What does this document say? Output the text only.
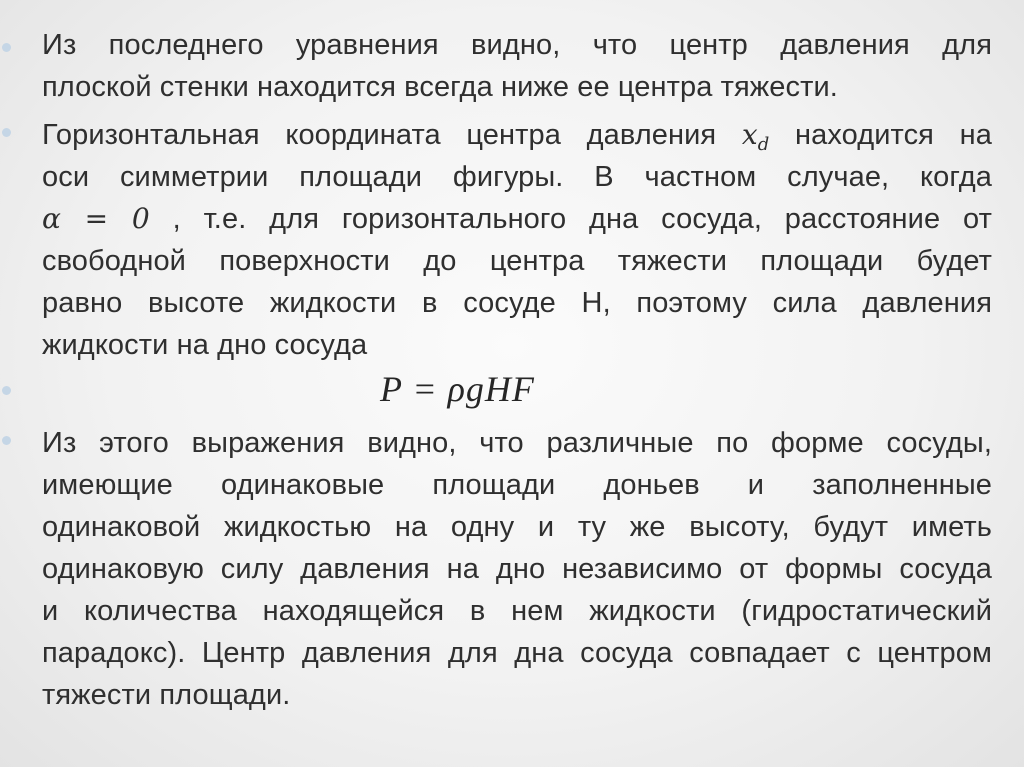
Из последнего уравнения видно, что центр давления для
плоской стенки находится всегда ниже ее центра тяжести.
Горизонтальная координата центра давления $x_d$ находится на
оси симметрии площади фигуры. В частном случае, когда
α = 0 , т.е. для горизонтального дна сосуда, расстояние от
свободной поверхности до центра тяжести площади будет
равно высоте жидкости в сосуде H, поэтому сила давления
жидкости на дно сосуда
P = ρgHF
Из этого выражения видно, что различные по форме сосуды,
имеющие одинаковые площади доньев и заполненные
одинаковой жидкостью на одну и ту же высоту, будут иметь
одинаковую силу давления на дно независимо от формы сосуда
и количества находящейся в нем жидкости (гидростатический
парадокс). Центр давления для дна сосуда совпадает с центром
тяжести площади.
